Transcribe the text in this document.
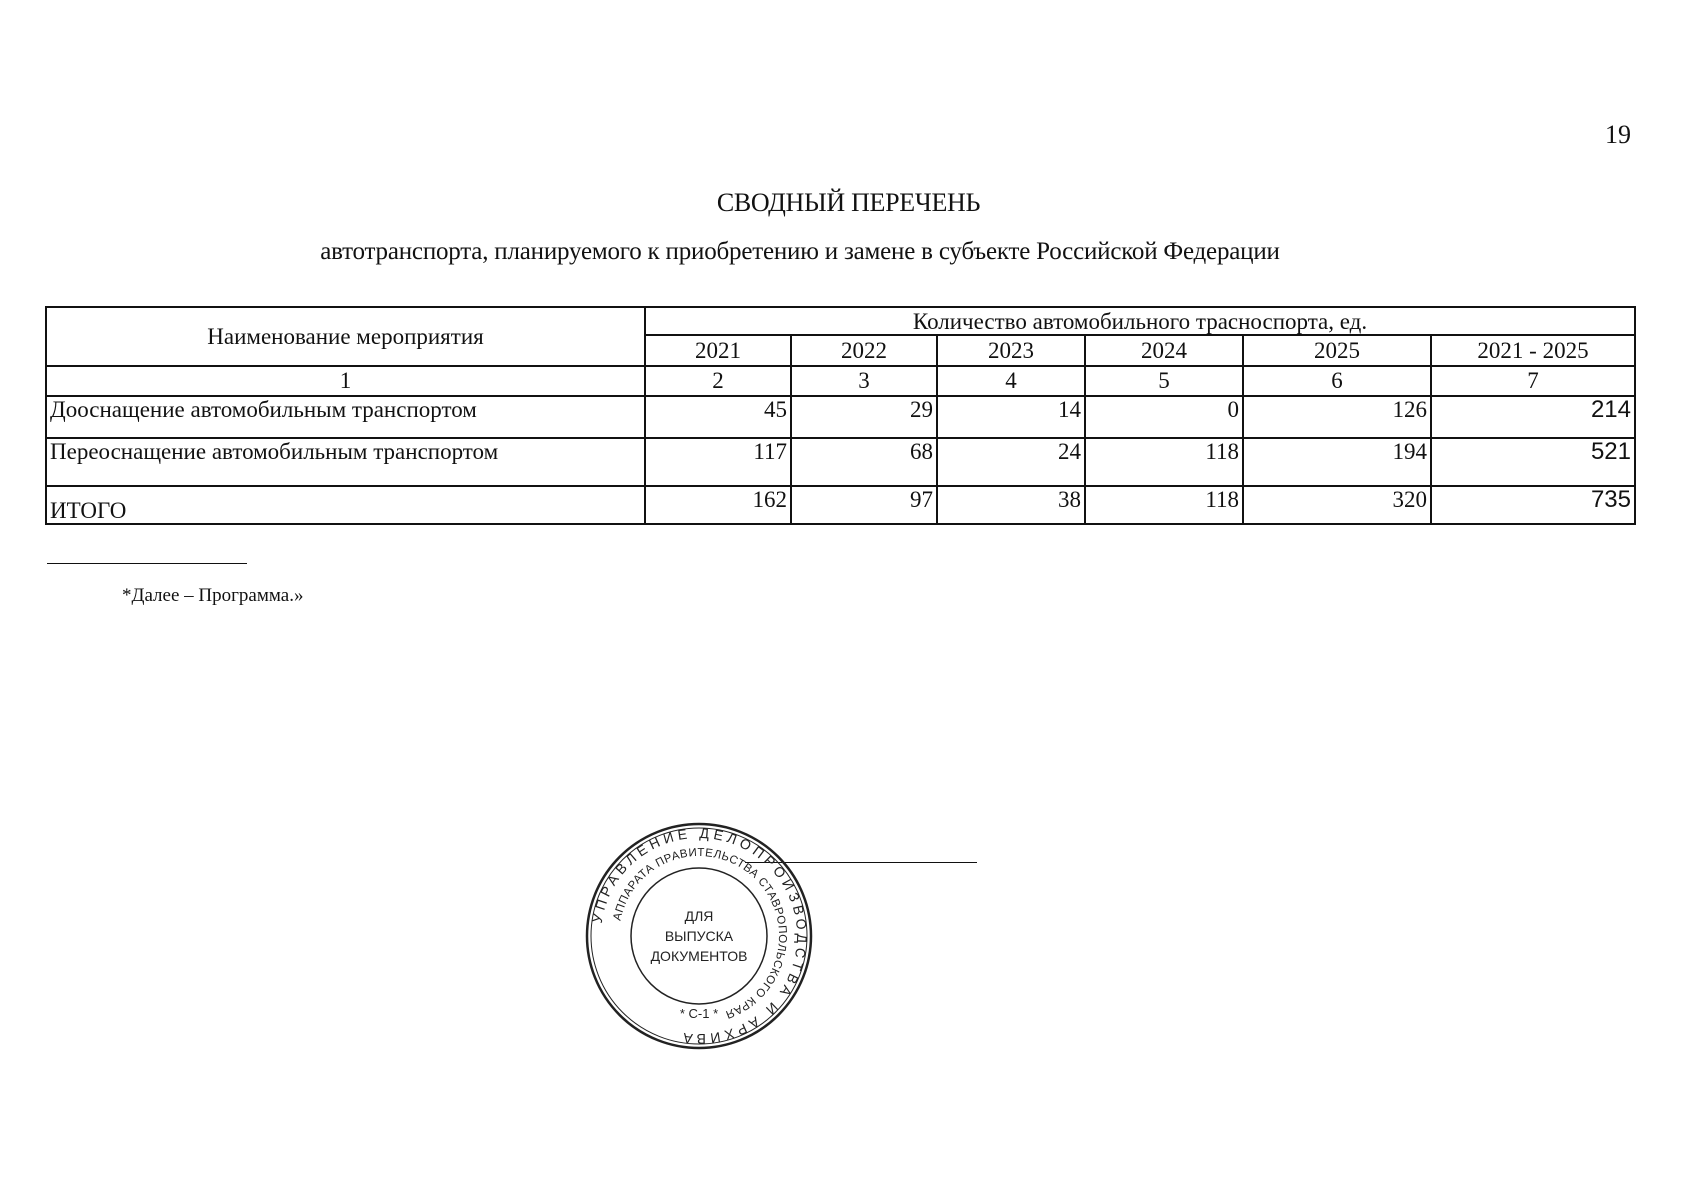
19
СВОДНЫЙ ПЕРЕЧЕНЬ
автотранспорта, планируемого к приобретению и замене в субъекте Российской Федерации
Наименование мероприятия	Количество автомобильного трасноспорта, ед.					
	2021	2022	2023	2024	2025	2021 - 2025
1	2	3	4	5	6	7
Дооснащение автомобильным транспортом	45	29	14	0	126	214
Переоснащение автомобильным транспортом	117	68	24	118	194	521
ИТОГО	162	97	38	118	320	735
*Далее – Программа.»
УПРАВЛЕНИЕ ДЕЛОПРОИЗВОДСТВА И АРХИВА
АППАРАТА ПРАВИТЕЛЬСТВА СТАВРОПОЛЬСКОГО КРАЯ
ДЛЯ
ВЫПУСКА
ДОКУМЕНТОВ
* С-1 *
